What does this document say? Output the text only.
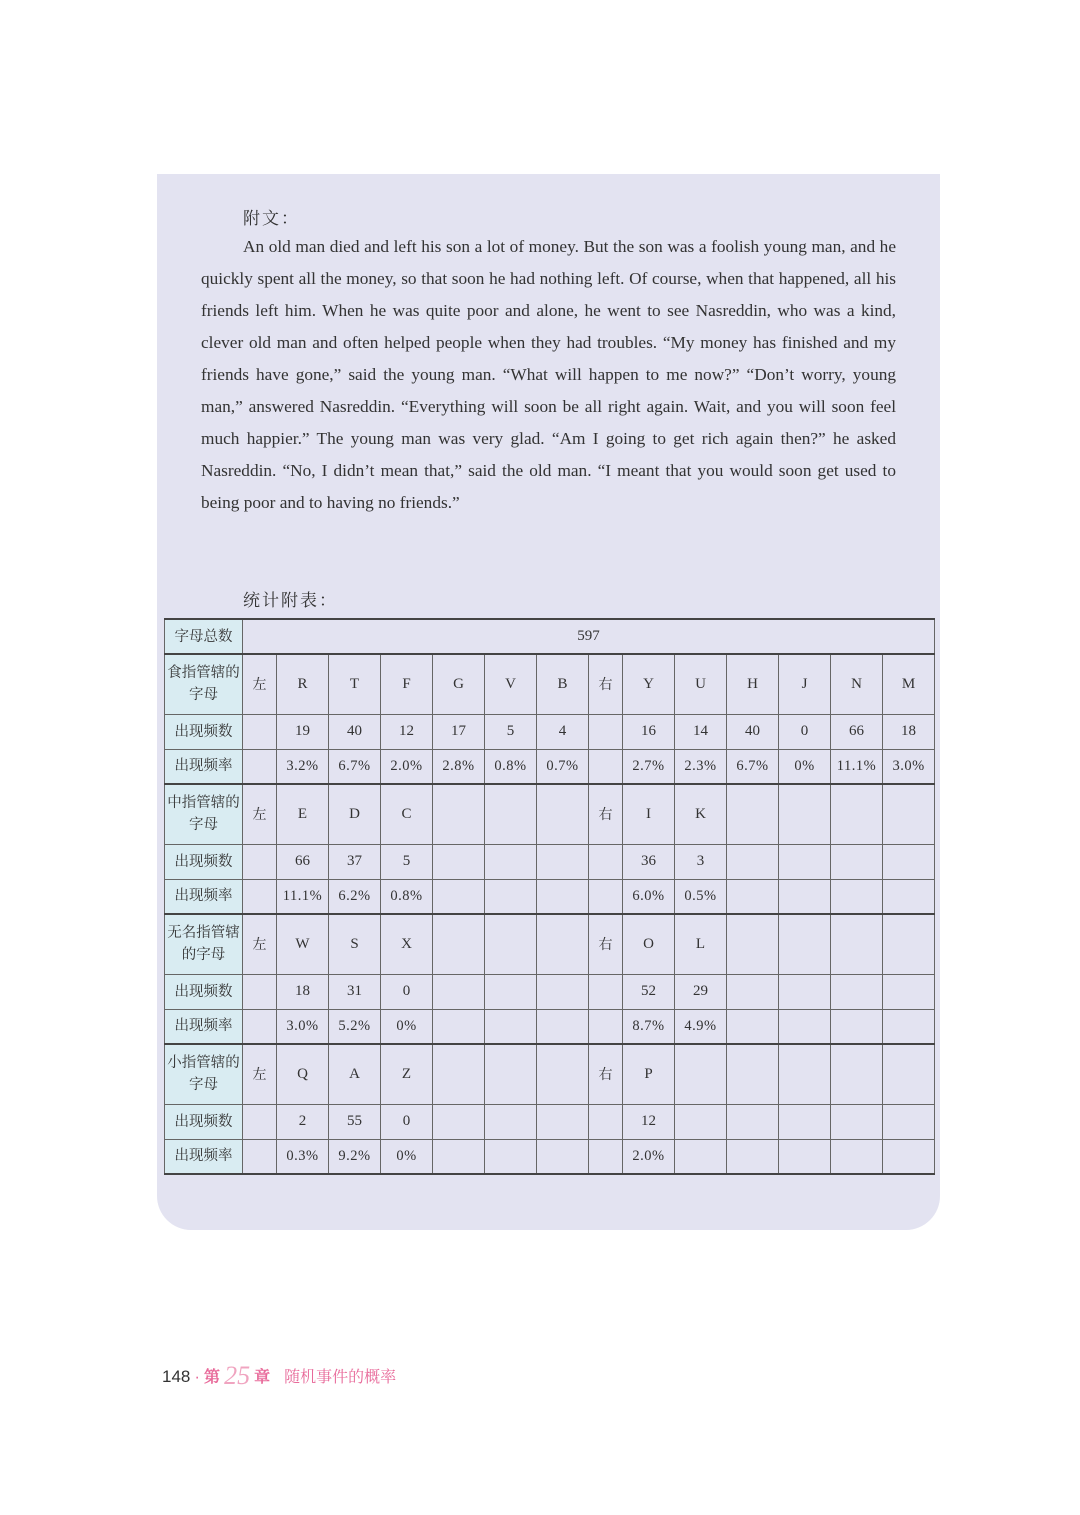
附文：

An old man died and left his son a lot of money. But the son was a foolish young man, and he quickly spent all the money, so that soon he had nothing left. Of course, when that happened, all his friends left him. When he was quite poor and alone, he went to see Nasreddin, who was a kind, clever old man and often helped people when they had troubles. “My money has finished and my friends have gone,” said the young man. “What will happen to me now?” “Don’t worry, young man,” answered Nasreddin. “Everything will soon be all right again. Wait, and you will soon feel much happier.” The young man was very glad. “Am I going to get rich again then?” he asked Nasreddin. “No, I didn’t mean that,” said the old man. “I meant that you would soon get used to being poor and to having no friends.”

统计附表：
字母总数	597													
食指管辖的字母	左	R	T	F	G	V	B	右	Y	U	H	J	N	M
出现频数		19	40	12	17	5	4		16	14	40	0	66	18
出现频率		3.2%	6.7%	2.0%	2.8%	0.8%	0.7%		2.7%	2.3%	6.7%	0%	11.1%	3.0%
中指管辖的字母	左	E	D	C				右	I	K				
出现频数		66	37	5					36	3				
出现频率		11.1%	6.2%	0.8%					6.0%	0.5%				
无名指管辖的字母	左	W	S	X				右	O	L				
出现频数		18	31	0					52	29				
出现频率		3.0%	5.2%	0%					8.7%	4.9%				
小指管辖的字母	左	Q	A	Z				右	P					
出现频数		2	55	0					12					
出现频率		0.3%	9.2%	0%					2.0%					
148 · 第 25 章 随机事件的概率
